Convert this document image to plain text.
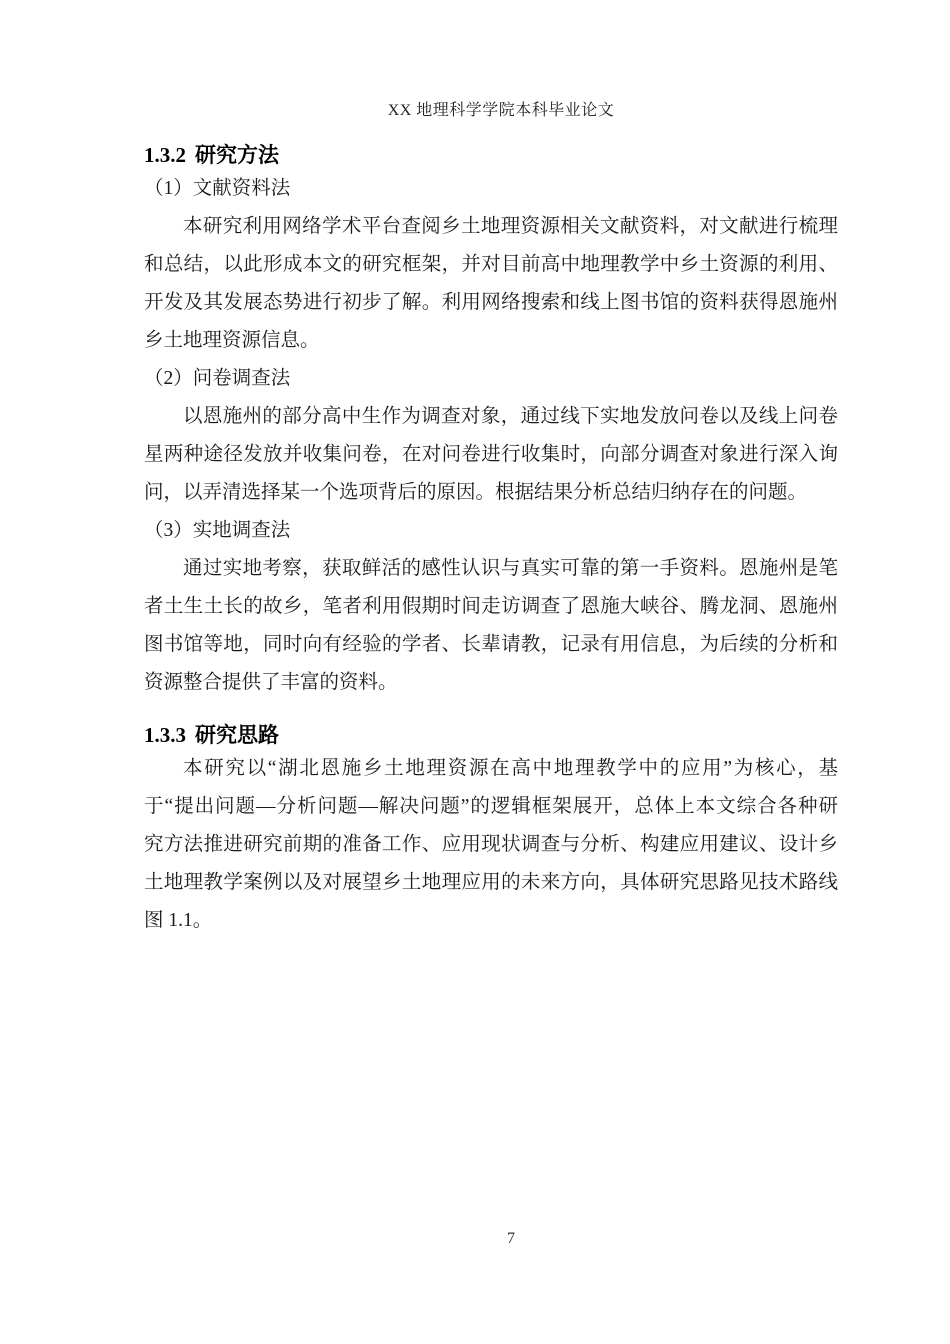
XX 地理科学学院本科毕业论文
1.3.2 研究方法
（1）文献资料法
本研究利用网络学术平台查阅乡土地理资源相关文献资料，对文献进行梳理
和总结，以此形成本文的研究框架，并对目前高中地理教学中乡土资源的利用、
开发及其发展态势进行初步了解。利用网络搜索和线上图书馆的资料获得恩施州
乡土地理资源信息。
（2）问卷调查法
以恩施州的部分高中生作为调查对象，通过线下实地发放问卷以及线上问卷
星两种途径发放并收集问卷，在对问卷进行收集时，向部分调查对象进行深入询
问，以弄清选择某一个选项背后的原因。根据结果分析总结归纳存在的问题。
（3）实地调查法
通过实地考察，获取鲜活的感性认识与真实可靠的第一手资料。恩施州是笔
者土生土长的故乡，笔者利用假期时间走访调查了恩施大峡谷、腾龙洞、恩施州
图书馆等地，同时向有经验的学者、长辈请教，记录有用信息，为后续的分析和
资源整合提供了丰富的资料。
1.3.3 研究思路
本研究以“湖北恩施乡土地理资源在高中地理教学中的应用”为核心，基
于“提出问题—分析问题—解决问题”的逻辑框架展开，总体上本文综合各种研
究方法推进研究前期的准备工作、应用现状调查与分析、构建应用建议、设计乡
土地理教学案例以及对展望乡土地理应用的未来方向，具体研究思路见技术路线
图 1.1。
7
